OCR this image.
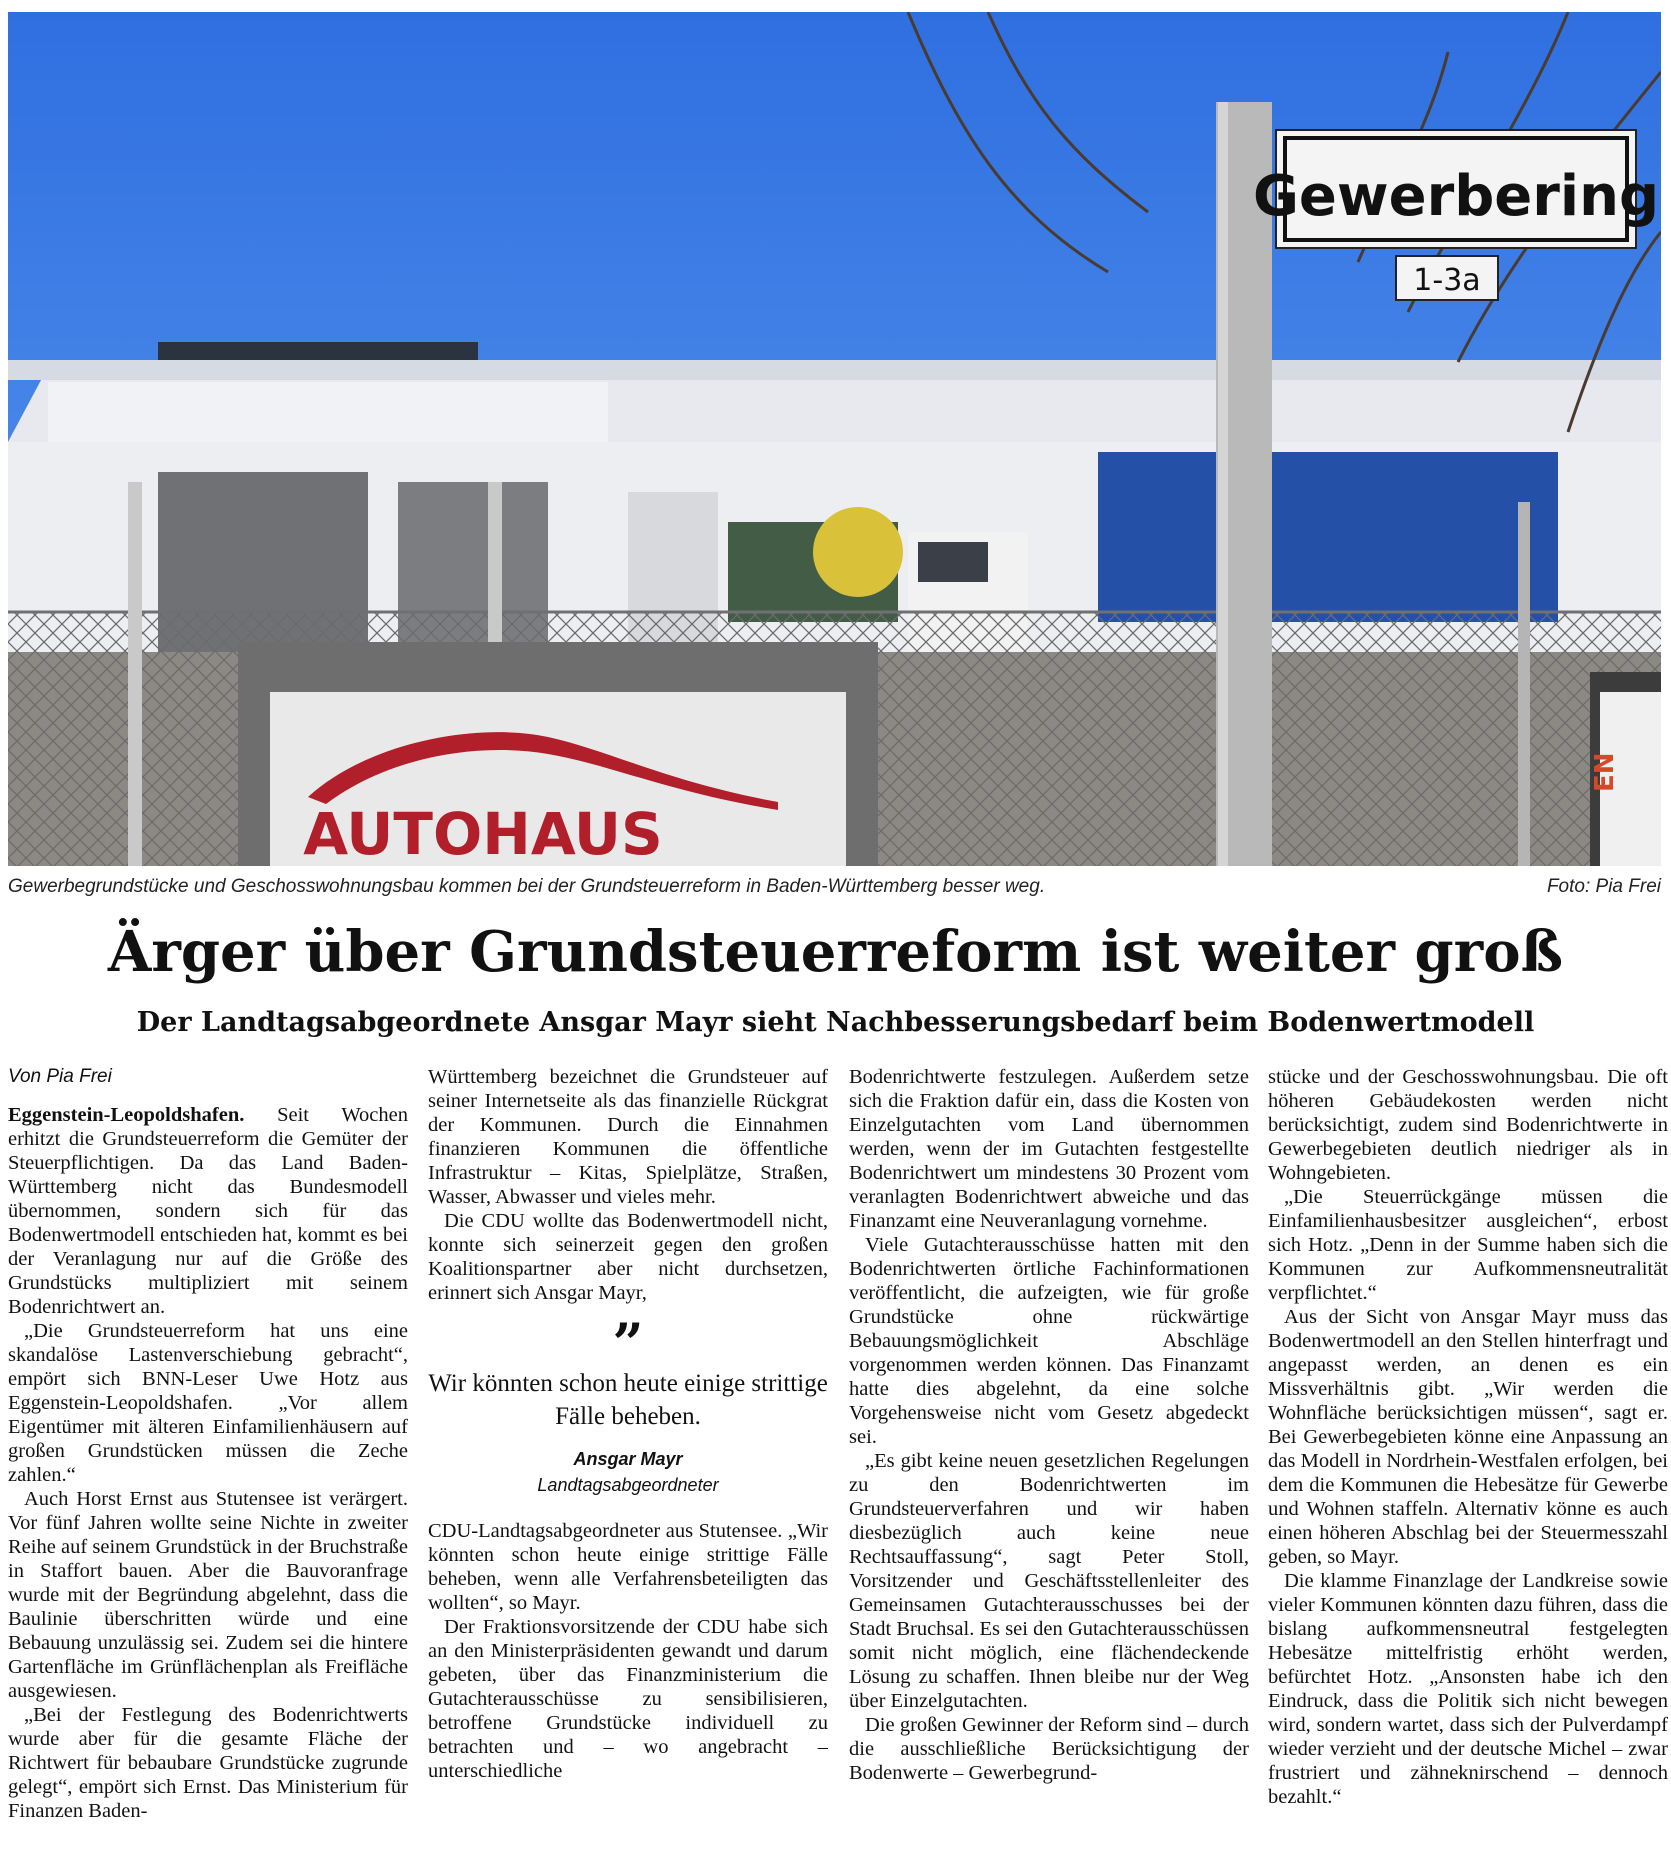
Gewerbering
1-3a
AUTOHAUS
EN
Gewerbegrundstücke und Geschosswohnungsbau kommen bei der Grundsteuerreform in Baden-Württemberg besser weg.	Foto: Pia Frei
Ärger über Grundsteuerreform ist weiter groß
Der Landtagsabgeordnete Ansgar Mayr sieht Nachbesserungsbedarf beim Bodenwertmodell

Von Pia Frei

Eggenstein-Leopoldshafen. Seit Wochen erhitzt die Grundsteuerreform die Gemüter der Steuerpflichtigen. Da das Land Baden-Württemberg nicht das Bundesmodell übernommen, sondern sich für das Bodenwertmodell entschieden hat, kommt es bei der Veranlagung nur auf die Größe des Grundstücks multipliziert mit seinem Bodenrichtwert an.

„Die Grundsteuerreform hat uns eine skandalöse Lastenverschiebung gebracht“, empört sich BNN-Leser Uwe Hotz aus Eggenstein-Leopoldshafen. „Vor allem Eigentümer mit älteren Einfamilienhäusern auf großen Grundstücken müssen die Zeche zahlen.“

Auch Horst Ernst aus Stutensee ist verärgert. Vor fünf Jahren wollte seine Nichte in zweiter Reihe auf seinem Grundstück in der Bruchstraße in Staffort bauen. Aber die Bauvoranfrage wurde mit der Begründung abgelehnt, dass die Baulinie überschritten würde und eine Bebauung unzulässig sei. Zudem sei die hintere Gartenfläche im Grünflächenplan als Freifläche ausgewiesen.

„Bei der Festlegung des Bodenrichtwerts wurde aber für die gesamte Fläche der Richtwert für bebaubare Grundstücke zugrunde gelegt“, empört sich Ernst. Das Ministerium für Finanzen Baden-

Württemberg bezeichnet die Grundsteuer auf seiner Internetseite als das finanzielle Rückgrat der Kommunen. Durch die Einnahmen finanzieren Kommunen die öffentliche Infrastruktur – Kitas, Spielplätze, Straßen, Wasser, Abwasser und vieles mehr.

Die CDU wollte das Bodenwertmodell nicht, konnte sich seinerzeit gegen den großen Koalitionspartner aber nicht durchsetzen, erinnert sich Ansgar Mayr,

”
Wir könnten schon heute einige strittige Fälle beheben.
Ansgar Mayr
Landtagsabgeordneter

CDU-Landtagsabgeordneter aus Stutensee. „Wir könnten schon heute einige strittige Fälle beheben, wenn alle Verfahrensbeteiligten das wollten“, so Mayr.

Der Fraktionsvorsitzende der CDU habe sich an den Ministerpräsidenten gewandt und darum gebeten, über das Finanzministerium die Gutachterausschüsse zu sensibilisieren, betroffene Grundstücke individuell zu betrachten und – wo angebracht – unterschiedliche

Bodenrichtwerte festzulegen. Außerdem setze sich die Fraktion dafür ein, dass die Kosten von Einzelgutachten vom Land übernommen werden, wenn der im Gutachten festgestellte Bodenrichtwert um mindestens 30 Prozent vom veranlagten Bodenrichtwert abweiche und das Finanzamt eine Neuveranlagung vornehme.

Viele Gutachterausschüsse hatten mit den Bodenrichtwerten örtliche Fachinformationen veröffentlicht, die aufzeigten, wie für große Grundstücke ohne rückwärtige Bebauungsmöglichkeit Abschläge vorgenommen werden können. Das Finanzamt hatte dies abgelehnt, da eine solche Vorgehensweise nicht vom Gesetz abgedeckt sei.

„Es gibt keine neuen gesetzlichen Regelungen zu den Bodenrichtwerten im Grundsteuerverfahren und wir haben diesbezüglich auch keine neue Rechtsauffassung“, sagt Peter Stoll, Vorsitzender und Geschäftsstellenleiter des Gemeinsamen Gutachterausschusses bei der Stadt Bruchsal. Es sei den Gutachterausschüssen somit nicht möglich, eine flächendeckende Lösung zu schaffen. Ihnen bleibe nur der Weg über Einzelgutachten.

Die großen Gewinner der Reform sind – durch die ausschließliche Berücksichtigung der Bodenwerte – Gewerbegrund-

stücke und der Geschosswohnungsbau. Die oft höheren Gebäudekosten werden nicht berücksichtigt, zudem sind Bodenrichtwerte in Gewerbegebieten deutlich niedriger als in Wohngebieten.

„Die Steuerrückgänge müssen die Einfamilienhausbesitzer ausgleichen“, erbost sich Hotz. „Denn in der Summe haben sich die Kommunen zur Aufkommensneutralität verpflichtet.“

Aus der Sicht von Ansgar Mayr muss das Bodenwertmodell an den Stellen hinterfragt und angepasst werden, an denen es ein Missverhältnis gibt. „Wir werden die Wohnfläche berücksichtigen müssen“, sagt er. Bei Gewerbegebieten könne eine Anpassung an das Modell in Nordrhein-Westfalen erfolgen, bei dem die Kommunen die Hebesätze für Gewerbe und Wohnen staffeln. Alternativ könne es auch einen höheren Abschlag bei der Steuermesszahl geben, so Mayr.

Die klamme Finanzlage der Landkreise sowie vieler Kommunen könnten dazu führen, dass die bislang aufkommensneutral festgelegten Hebesätze mittelfristig erhöht werden, befürchtet Hotz. „Ansonsten habe ich den Eindruck, dass die Politik sich nicht bewegen wird, sondern wartet, dass sich der Pulverdampf wieder verzieht und der deutsche Michel – zwar frustriert und zähneknirschend – dennoch bezahlt.“
